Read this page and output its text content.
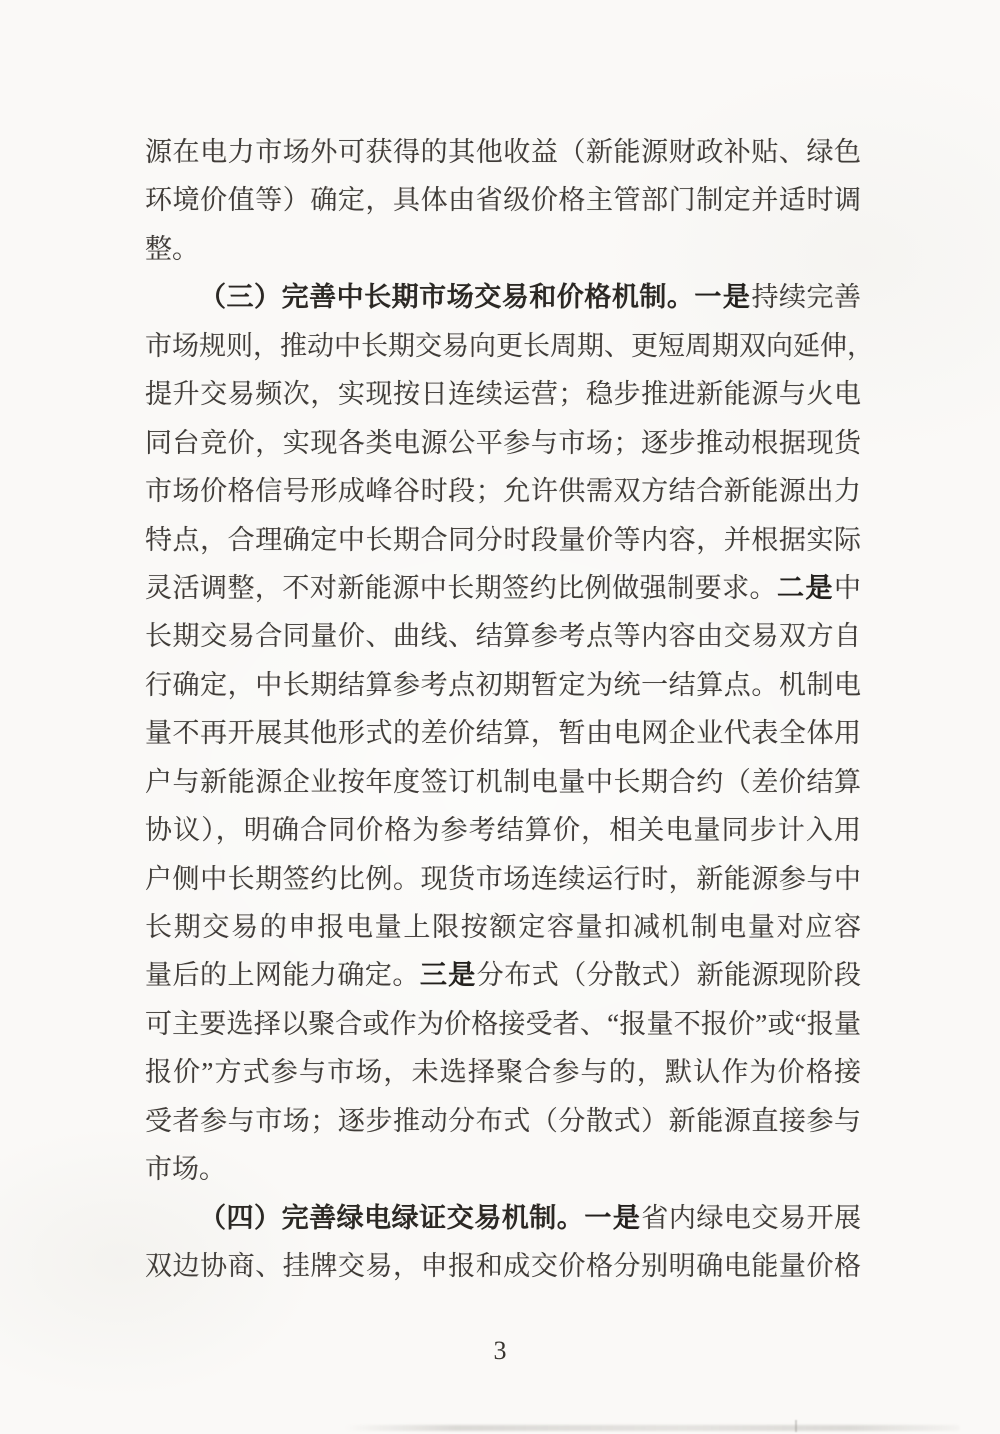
源在电力市场外可获得的其他收益（新能源财政补贴、绿色
环境价值等）确定，具体由省级价格主管部门制定并适时调
整。
（三）完善中长期市场交易和价格机制。一是持续完善
市场规则，推动中长期交易向更长周期、更短周期双向延伸，
提升交易频次，实现按日连续运营；稳步推进新能源与火电
同台竞价，实现各类电源公平参与市场；逐步推动根据现货
市场价格信号形成峰谷时段；允许供需双方结合新能源出力
特点，合理确定中长期合同分时段量价等内容，并根据实际
灵活调整，不对新能源中长期签约比例做强制要求。二是中
长期交易合同量价、曲线、结算参考点等内容由交易双方自
行确定，中长期结算参考点初期暂定为统一结算点。机制电
量不再开展其他形式的差价结算，暂由电网企业代表全体用
户与新能源企业按年度签订机制电量中长期合约（差价结算
协议），明确合同价格为参考结算价，相关电量同步计入用
户侧中长期签约比例。现货市场连续运行时，新能源参与中
长期交易的申报电量上限按额定容量扣减机制电量对应容
量后的上网能力确定。三是分布式（分散式）新能源现阶段
可主要选择以聚合或作为价格接受者、“报量不报价”或“报量
报价”方式参与市场，未选择聚合参与的，默认作为价格接
受者参与市场；逐步推动分布式（分散式）新能源直接参与
市场。
（四）完善绿电绿证交易机制。一是省内绿电交易开展
双边协商、挂牌交易，申报和成交价格分别明确电能量价格
3
